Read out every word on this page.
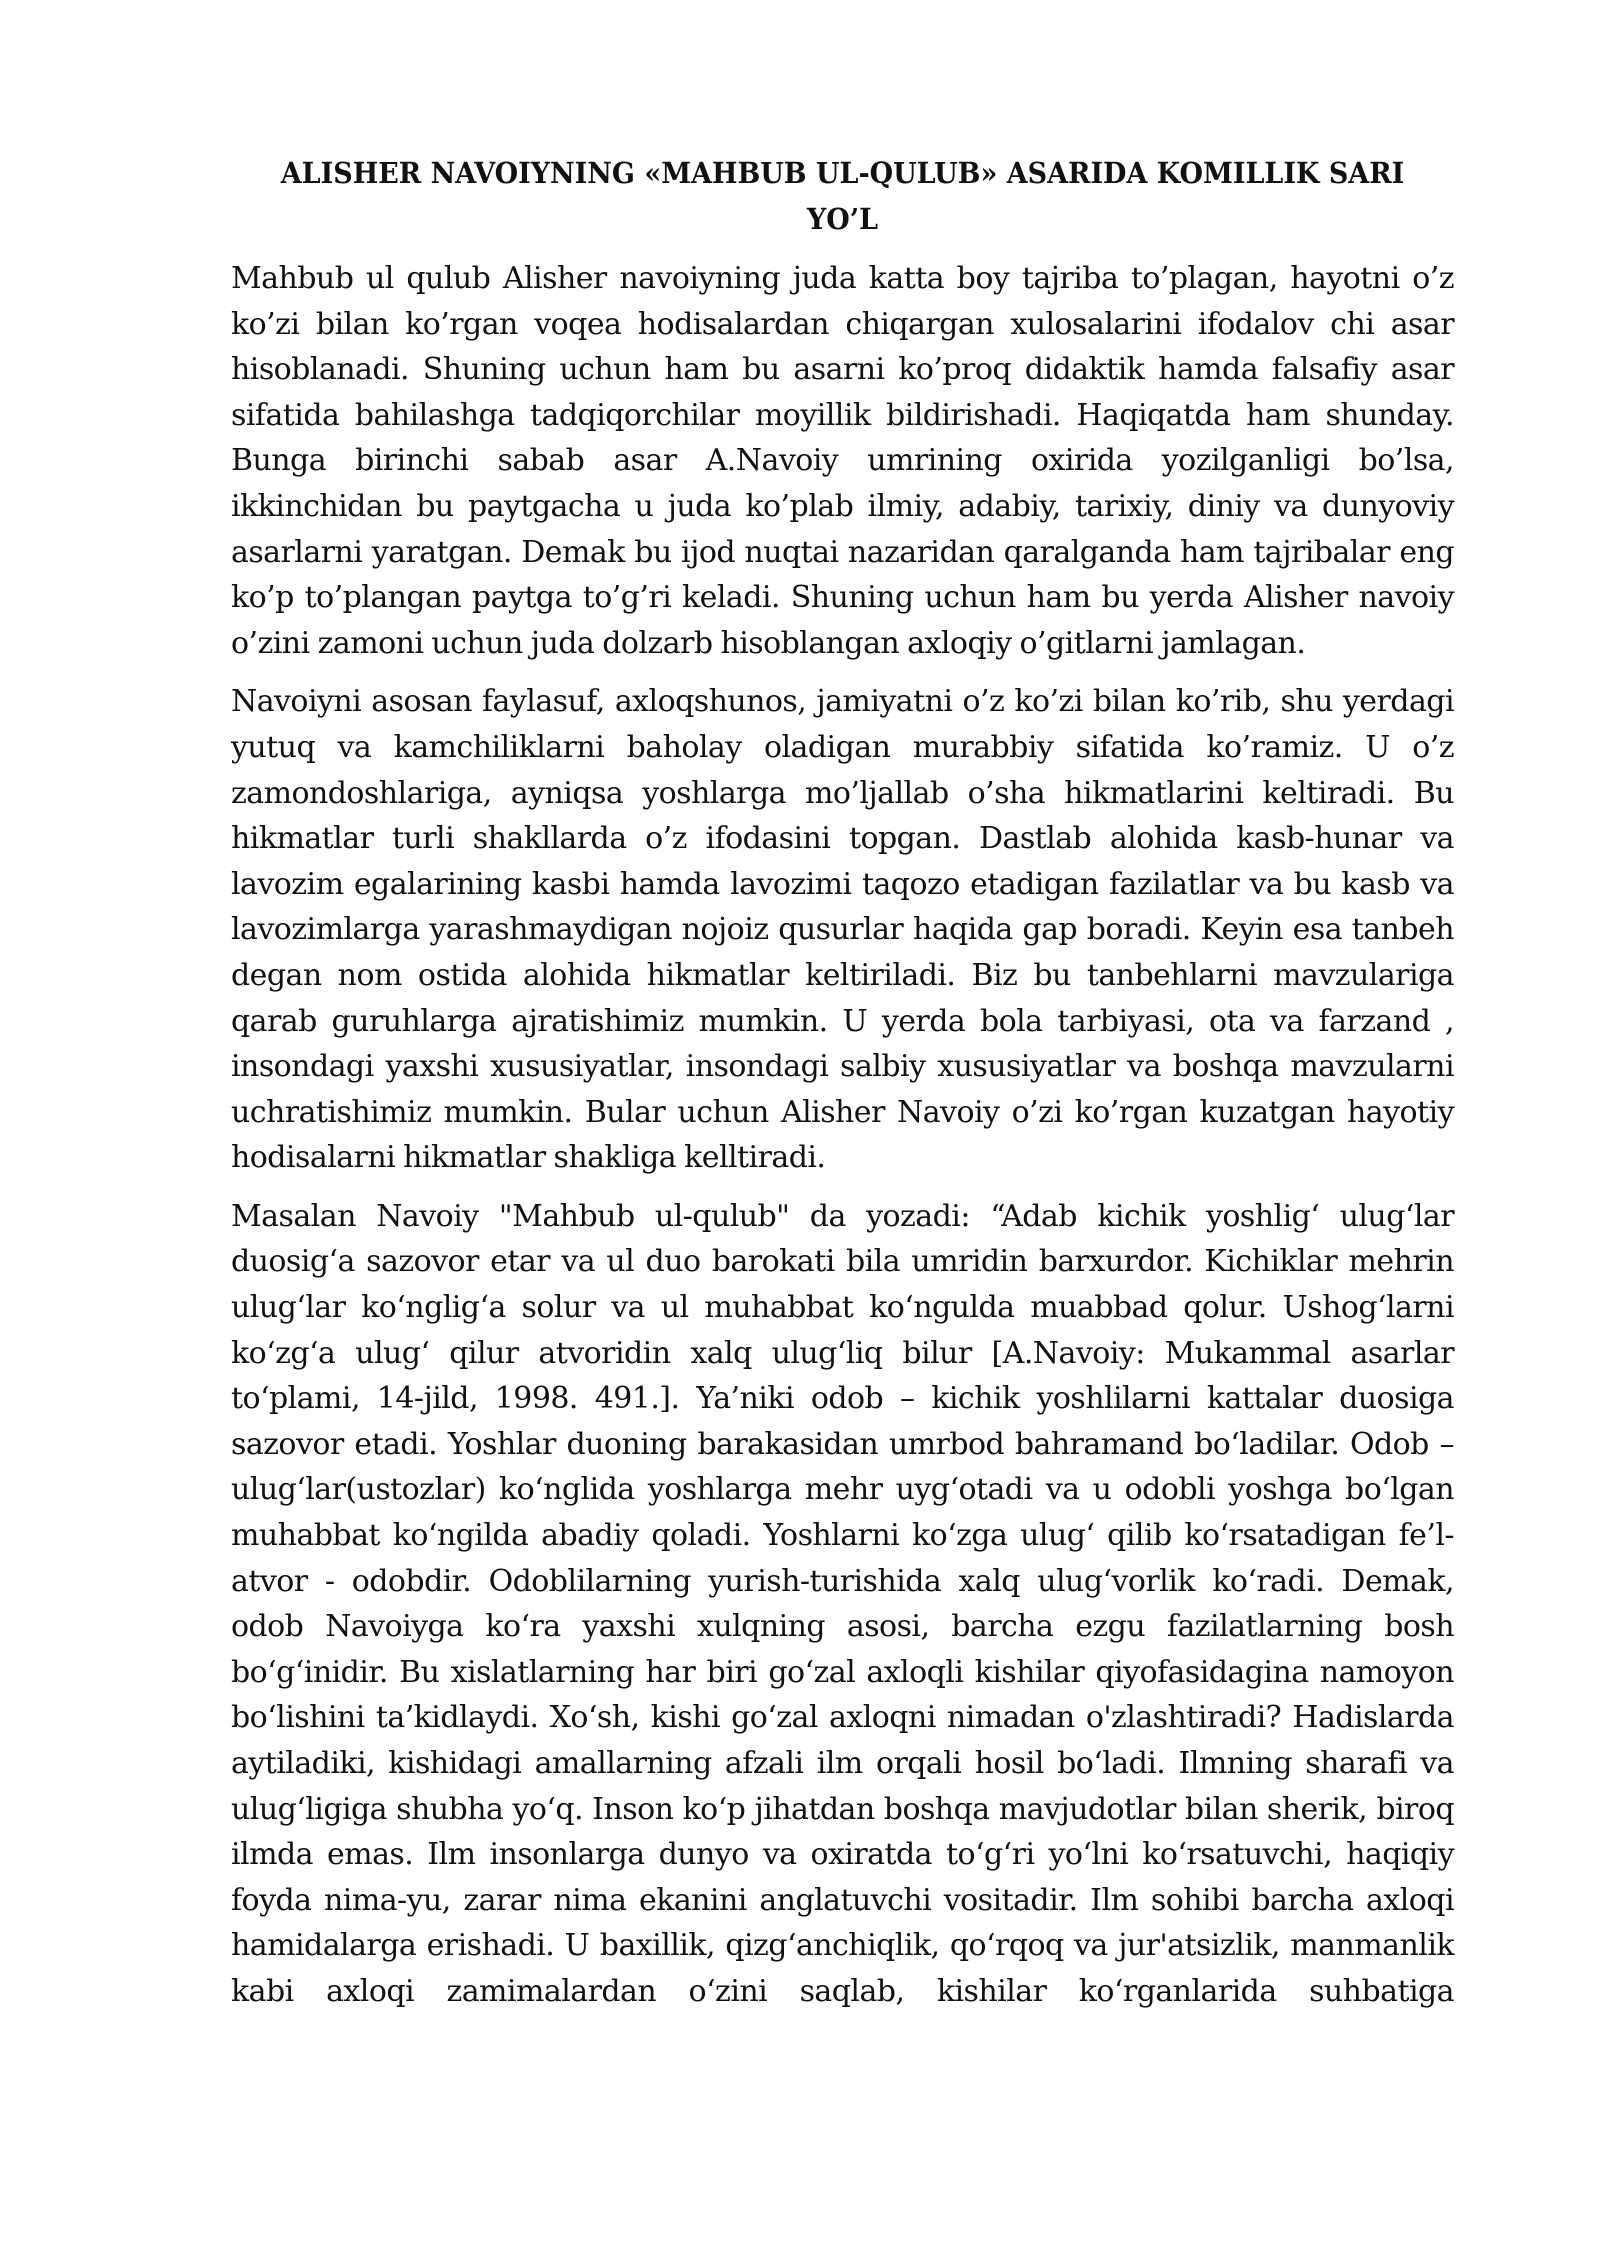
ALISHER NAVOIYNING «MAHBUB UL-QULUB» ASARIDA KOMILLIK SARI YO’L

Mahbub ul qulub Alisher navoiyning juda katta boy tajriba to’plagan, hayotni o’z ko’zi bilan ko’rgan voqea hodisalardan chiqargan xulosalarini ifodalov chi asar hisoblanadi. Shuning uchun ham bu asarni ko’proq didaktik hamda falsafiy asar sifatida bahilashga tadqiqorchilar moyillik bildirishadi. Haqiqatda ham shunday. Bunga birinchi sabab asar A.Navoiy umrining oxirida yozilganligi bo’lsa, ikkinchidan bu paytgacha u juda ko’plab ilmiy, adabiy, tarixiy, diniy va dunyoviy asarlarni yaratgan. Demak bu ijod nuqtai nazaridan qaralganda ham tajribalar eng ko’p to’plangan paytga to’g’ri keladi. Shuning uchun ham bu yerda Alisher navoiy o’zini zamoni uchun juda dolzarb hisoblangan axloqiy o’gitlarni jamlagan.

Navoiyni asosan faylasuf, axloqshunos, jamiyatni o’z ko’zi bilan ko’rib, shu yerdagi yutuq va kamchiliklarni baholay oladigan murabbiy sifatida ko’ramiz. U o’z zamondoshlariga, ayniqsa yoshlarga mo’ljallab o’sha hikmatlarini keltiradi. Bu hikmatlar turli shakllarda o’z ifodasini topgan. Dastlab alohida kasb-hunar va lavozim egalarining kasbi hamda lavozimi taqozo etadigan fazilatlar va bu kasb va lavozimlarga yarashmaydigan nojoiz qusurlar haqida gap boradi. Keyin esa tanbeh degan nom ostida alohida hikmatlar keltiriladi. Biz bu tanbehlarni mavzulariga qarab guruhlarga ajratishimiz mumkin. U yerda bola tarbiyasi, ota va farzand , insondagi yaxshi xususiyatlar, insondagi salbiy xususiyatlar va boshqa mavzularni uchratishimiz mumkin. Bular uchun Alisher Navoiy o’zi ko’rgan kuzatgan hayotiy hodisalarni hikmatlar shakliga kelltiradi.

Masalan Navoiy "Mahbub ul-qulub" da yozadi: “Adab kichik yoshlig‘ ulug‘lar duosig‘a sazovor etar va ul duo barokati bila umridin barxurdor. Kichiklar mehrin ulug‘lar ko‘nglig‘a solur va ul muhabbat ko‘ngulda muabbad qolur. Ushog‘larni ko‘zg‘a ulug‘ qilur atvoridin xalq ulug‘liq bilur [A.Navoiy: Mukammal asarlar to‘plami, 14-jild, 1998. 491.]. Ya’niki odob – kichik yoshlilarni kattalar duosiga sazovor etadi. Yoshlar duoning barakasidan umrbod bahramand bo‘ladilar. Odob – ulug‘lar(ustozlar) ko‘nglida yoshlarga mehr uyg‘otadi va u odobli yoshga bo‘lgan muhabbat ko‘ngilda abadiy qoladi. Yoshlarni ko‘zga ulug‘ qilib ko‘rsatadigan fe’l-atvor - odobdir. Odoblilarning yurish-turishida xalq ulug‘vorlik ko‘radi. Demak, odob Navoiyga ko‘ra yaxshi xulqning asosi, barcha ezgu fazilatlarning bosh bo‘g‘inidir. Bu xislatlarning har biri go‘zal axloqli kishilar qiyofasidagina namoyon bo‘lishini ta’kidlaydi. Xo‘sh, kishi go‘zal axloqni nimadan o'zlashtiradi? Hadislarda aytiladiki, kishidagi amallarning afzali ilm orqali hosil bo‘ladi. Ilmning sharafi va ulug‘ligiga shubha yo‘q. Inson ko‘p jihatdan boshqa mavjudotlar bilan sherik, biroq ilmda emas. Ilm insonlarga dunyo va oxiratda to‘g‘ri yo‘lni ko‘rsatuvchi, haqiqiy foyda nima-yu, zarar nima ekanini anglatuvchi vositadir. Ilm sohibi barcha axloqi hamidalarga erishadi. U baxillik, qizg‘anchiqlik, qo‘rqoq va jur'atsizlik, manmanlik kabi axloqi zamimalardan o‘zini saqlab, kishilar ko‘rganlarida suhbatiga
